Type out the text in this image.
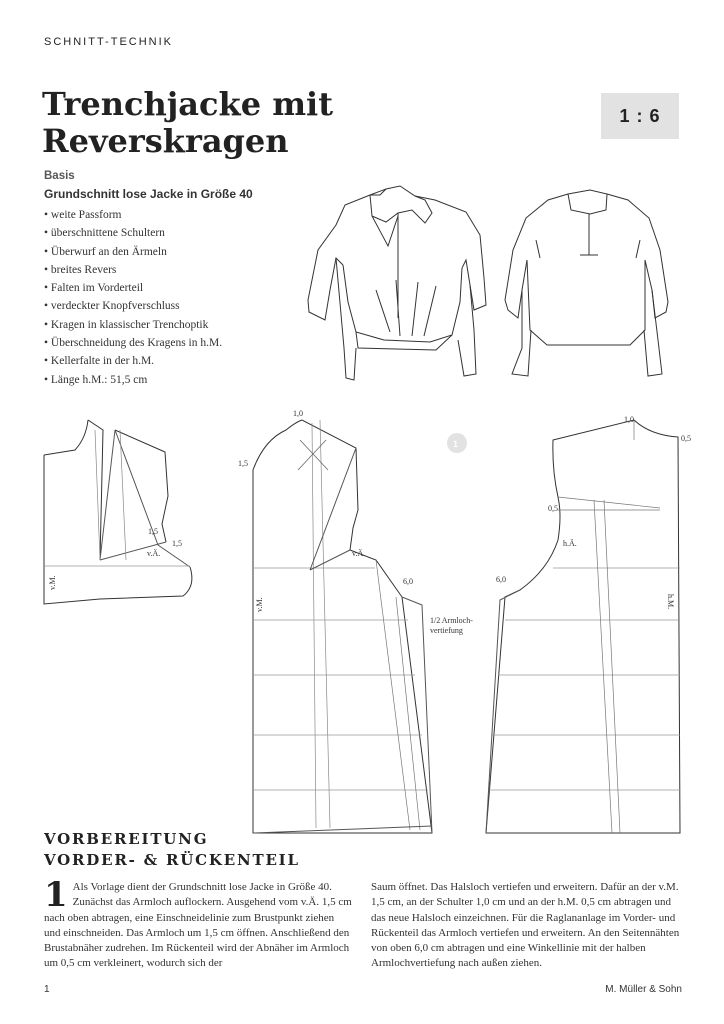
SCHNITT-TECHNIK
Trenchjacke mit Reverskragen
1 : 6
Basis
Grundschnitt lose Jacke in Größe 40
• weite Passform
• überschnittene Schultern
• Überwurf an den Ärmeln
• breites Revers
• Falten im Vorderteil
• verdeckter Knopfverschluss
• Kragen in klassischer Trenchoptik
• Überschneidung des Kragens in h.M.
• Kellerfalte in der h.M.
• Länge h.M.: 51,5 cm
1,5
1,5
v.Ä.
v.M.
1,0
1,5
v.Ä.
v.M.
6,0
1/2 Armloch-
vertiefung
1
1,0
0,5
0,5
h.Ä.
6,0
h.M.
VORBEREITUNG
VORDER- & RÜCKENTEIL

1 Als Vorlage dient der Grundschnitt lose Jacke in Größe 40. Zunächst das Armloch auflockern. Ausgehend vom v.Ä. 1,5 cm nach oben abtragen, eine Einschneidelinie zum Brustpunkt ziehen und einschneiden. Das Armloch um 1,5 cm öffnen. Anschließend den Brustabnäher zudrehen. Im Rückenteil wird der Abnäher im Armloch um 0,5 cm verkleinert, wodurch sich der

Saum öffnet. Das Halsloch vertiefen und erweitern. Dafür an der v.M. 1,5 cm, an der Schulter 1,0 cm und an der h.M. 0,5 cm abtragen und das neue Halsloch einzeichnen. Für die Raglananlage im Vorder- und Rückenteil das Armloch vertiefen und erweitern. An den Seitennähten von oben 6,0 cm abtragen und eine Winkellinie mit der halben Armlochvertiefung nach außen ziehen.

1	M. Müller & Sohn
